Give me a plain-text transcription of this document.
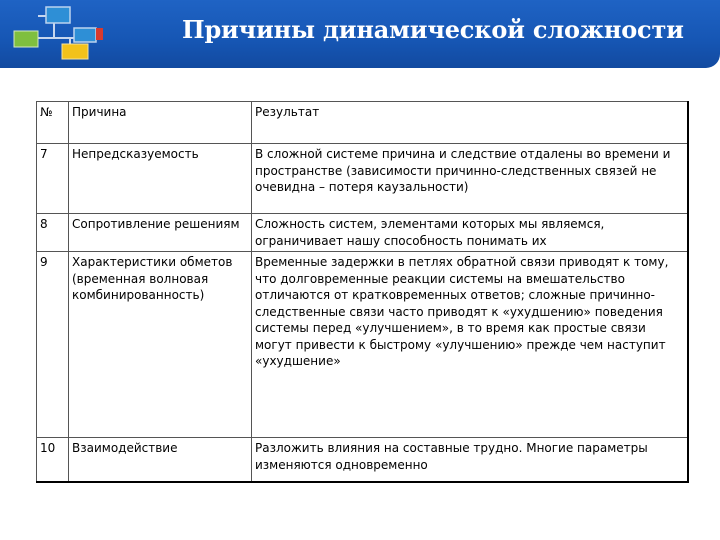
Причины динамической сложности
№	Причина	Результат
7	Непредсказуемость	В сложной системе причина и следствие отдалены во времени и пространстве (зависимости причинно-следственных связей не очевидна – потеря каузальности)
8	Сопротивление решениям	Сложность систем, элементами которых мы являемся, ограничивает нашу способность понимать их
9	Характеристики обметов (временная волновая комбинированность)	Временные задержки в петлях обратной связи приводят к тому, что долговременные реакции системы на вмешательство отличаются от кратковременных ответов; сложные причинно-следственные связи часто приводят к «ухудшению» поведения системы перед «улучшением», в то время как простые связи могут привести к быстрому «улучшению» прежде чем наступит «ухудшение»
10	Взаимодействие	Разложить влияния на составные трудно. Многие параметры изменяются одновременно
